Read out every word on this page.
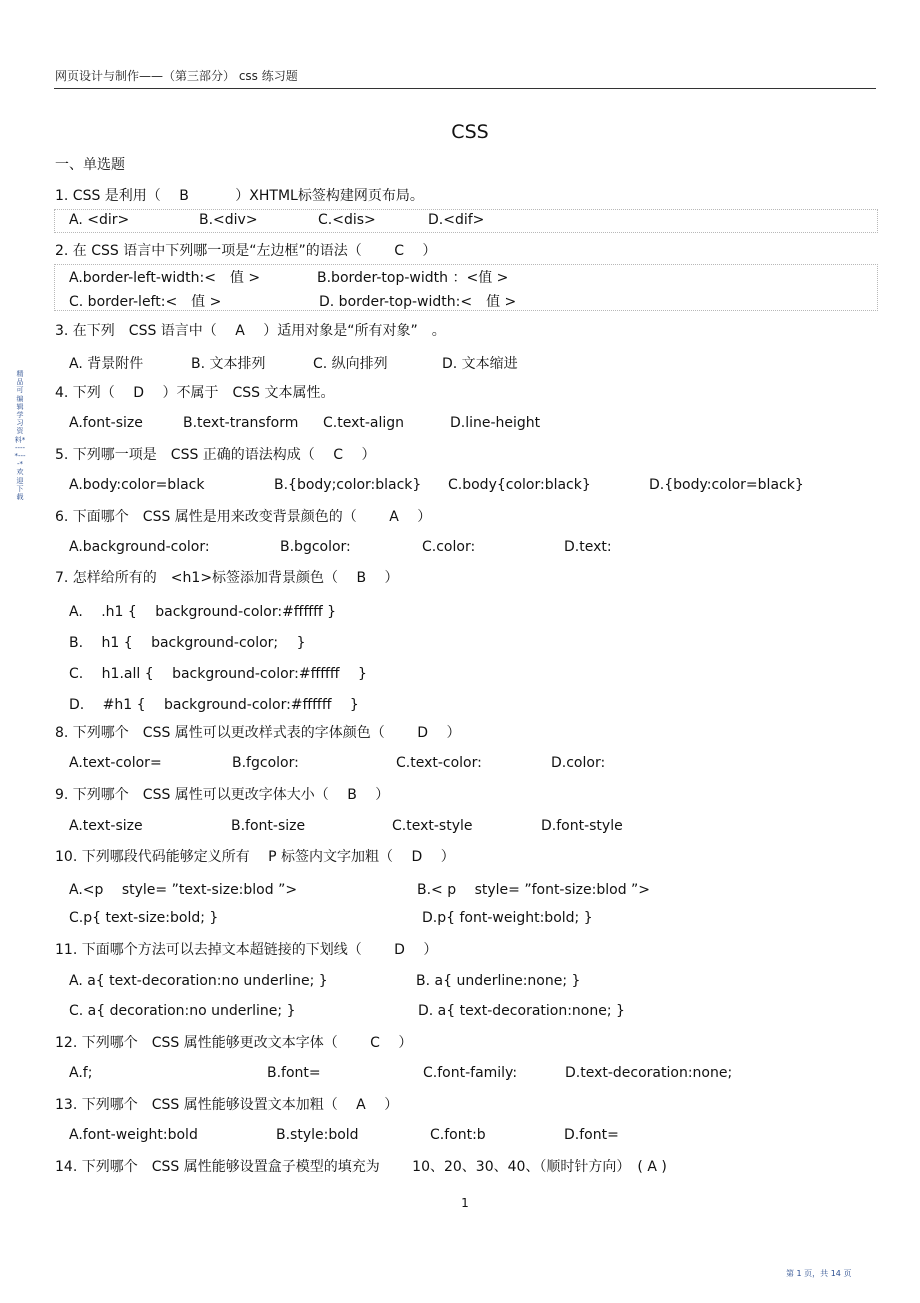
网页设计与制作——（第三部分） css 练习题
CSS
一、单选题
精品可编辑学习资料*----*----*欢迎下载
1. CSS 是利用（　 B　　　 ）XHTML标签构建网页布局。
A. <dir>	B.<div>	C.<dis>	D.<dif>
2. 在 CSS 语言中下列哪一项是“左边框”的语法（　　 C　 ）
A.border-left-width:<　值 >	B.border-top-width ：<值 >
C. border-left:<　值 >	D. border-top-width:<　值 >
3. 在下列　CSS 语言中（　 A　 ）适用对象是“所有对象”　。
A. 背景附件	B. 文本排列	C. 纵向排列	D. 文本缩进
4. 下列（　 D　 ）不属于　CSS 文本属性。
A.font-size	B.text-transform C.text-align	D.line-height
5. 下列哪一项是　CSS 正确的语法构成（　 C　 ）
A.body:color=black	B.{body;color:black} C.body{color:black}	D.{body:color=black}
6. 下面哪个　CSS 属性是用来改变背景颜色的（　　 A　 ）
A.background-color:	B.bgcolor:	C.color:	D.text:
7. 怎样给所有的　<h1>标签添加背景颜色（　 B　 ）
A.　 .h1 {　 background-color:#ffffff }
B.　 h1 {　 background-color;　 }
C.　 h1.all {　 background-color:#ffffff　 }
D.　 #h1 {　 background-color:#ffffff　 }
8. 下列哪个　CSS 属性可以更改样式表的字体颜色（　　 D　 ）
A.text-color=	B.fgcolor:	C.text-color:	D.color:
9. 下列哪个　CSS 属性可以更改字体大小（　 B　 ）
A.text-size	B.font-size	C.text-style	D.font-style
10. 下列哪段代码能够定义所有　 P 标签内文字加粗（　 D　 ）
A.<p　 style= ”text-size:blod ”>	B.< p　 style= ”font-size:blod ”>
C.p{ text-size:bold; }	D.p{ font-weight:bold; }
11. 下面哪个方法可以去掉文本超链接的下划线（　　 D　 ）
A. a{ text-decoration:no underline; }	B. a{ underline:none; }
C. a{ decoration:no underline; }	D. a{ text-decoration:none; }
12. 下列哪个　CSS 属性能够更改文本字体（　　 C　 ）
A.f;	B.font=	C.font-family:	D.text-decoration:none;
13. 下列哪个　CSS 属性能够设置文本加粗（　 A　 ）
A.font-weight:bold	B.style:bold	C.font:b	D.font=
14. 下列哪个　CSS 属性能够设置盒子模型的填充为　　 10、20、30、40、（顺时针方向）　( A )
1
第 1 页，共 14 页
